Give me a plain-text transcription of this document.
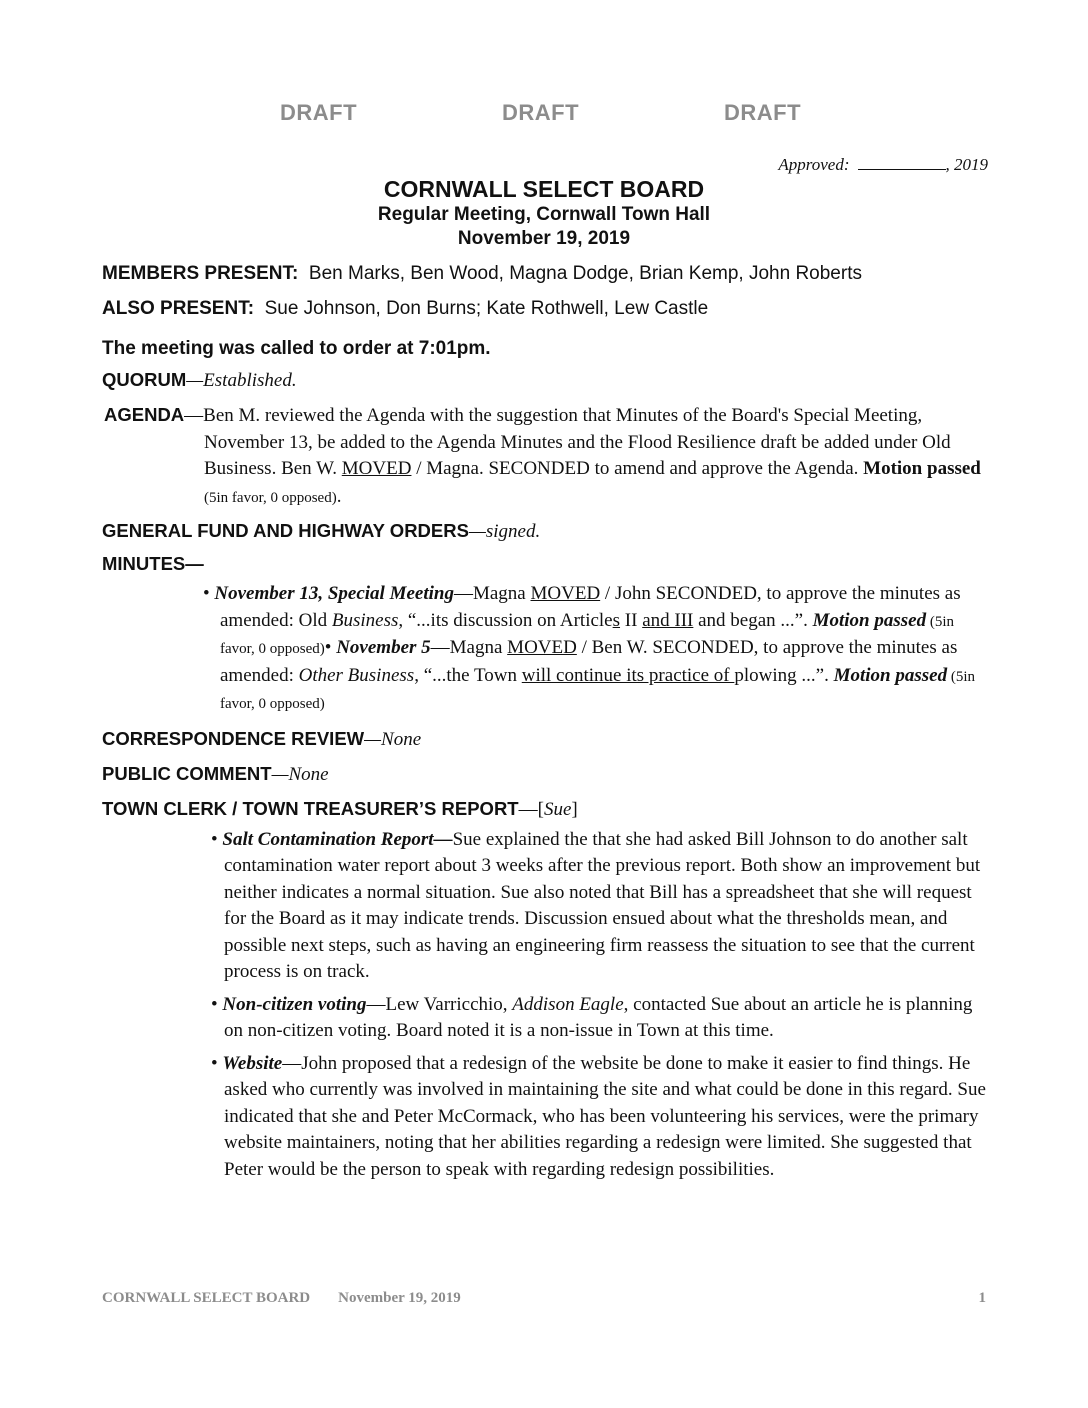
DRAFT	DRAFT	DRAFT
Approved:	, 2019
CORNWALL SELECT BOARD
Regular Meeting, Cornwall Town Hall
November 19, 2019

MEMBERS PRESENT: Ben Marks, Ben Wood, Magna Dodge, Brian Kemp, John Roberts

ALSO PRESENT: Sue Johnson, Don Burns; Kate Rothwell, Lew Castle

The meeting was called to order at 7:01pm.

QUORUM—Established.

AGENDA—Ben M. reviewed the Agenda with the suggestion that Minutes of the Board's Special Meeting, November 13, be added to the Agenda Minutes and the Flood Resilience draft be added under Old Business. Ben W. MOVED / Magna. SECONDED to amend and approve the Agenda. Motion passed (5in favor, 0 opposed).

GENERAL FUND AND HIGHWAY ORDERS—signed.

MINUTES—

• November 13, Special Meeting—Magna MOVED / John SECONDED, to approve the minutes as amended: Old Business, “...its discussion on Articles II and III and began ...”. Motion passed (5in favor, 0 opposed)• November 5—Magna MOVED / Ben W. SECONDED, to approve the minutes as amended: Other Business, “...the Town will continue its practice of plowing ...”. Motion passed (5in favor, 0 opposed)

CORRESPONDENCE REVIEW—None

PUBLIC COMMENT—None

TOWN CLERK / TOWN TREASURER’S REPORT—[Sue]

• Salt Contamination Report—Sue explained the that she had asked Bill Johnson to do another salt contamination water report about 3 weeks after the previous report. Both show an improvement but neither indicates a normal situation. Sue also noted that Bill has a spreadsheet that she will request for the Board as it may indicate trends. Discussion ensued about what the thresholds mean, and possible next steps, such as having an engineering firm reassess the situation to see that the current process is on track.
• Non-citizen voting—Lew Varricchio, Addison Eagle, contacted Sue about an article he is planning on non-citizen voting. Board noted it is a non-issue in Town at this time.
• Website—John proposed that a redesign of the website be done to make it easier to find things. He asked who currently was involved in maintaining the site and what could be done in this regard. Sue indicated that she and Peter McCormack, who has been volunteering his services, were the primary website maintainers, noting that her abilities regarding a redesign were limited. She suggested that Peter would be the person to speak with regarding redesign possibilities.
CORNWALL SELECT BOARD November 19, 2019	1
